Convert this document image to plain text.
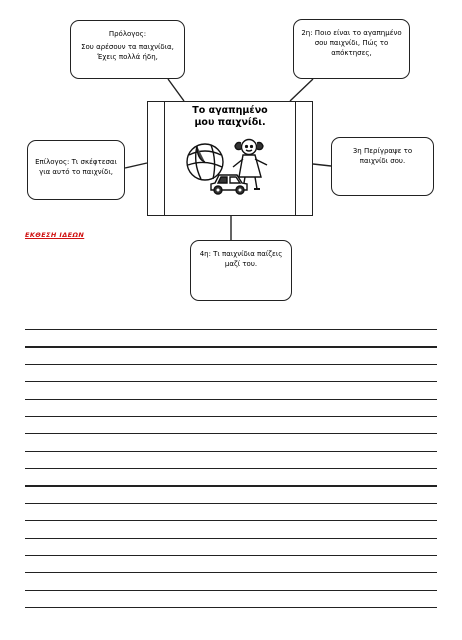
Πρόλογος:
Σου αρέσουν τα παιχνίδια, Έχεις πολλά ήδη,
2η: Ποιο είναι το αγαπημένο σου παιχνίδι, Πώς το απόκτησες,
Επίλογος: Τι σκέφτεσαι για αυτό το παιχνίδι,
3η Περίγραψε το παιχνίδι σου.
4η: Τι παιχνίδια παίζεις μαζί του.
Το αγαπημένο
μου παιχνίδι.
ΕΚΘΕΣΗ ΙΔΕΩΝ
